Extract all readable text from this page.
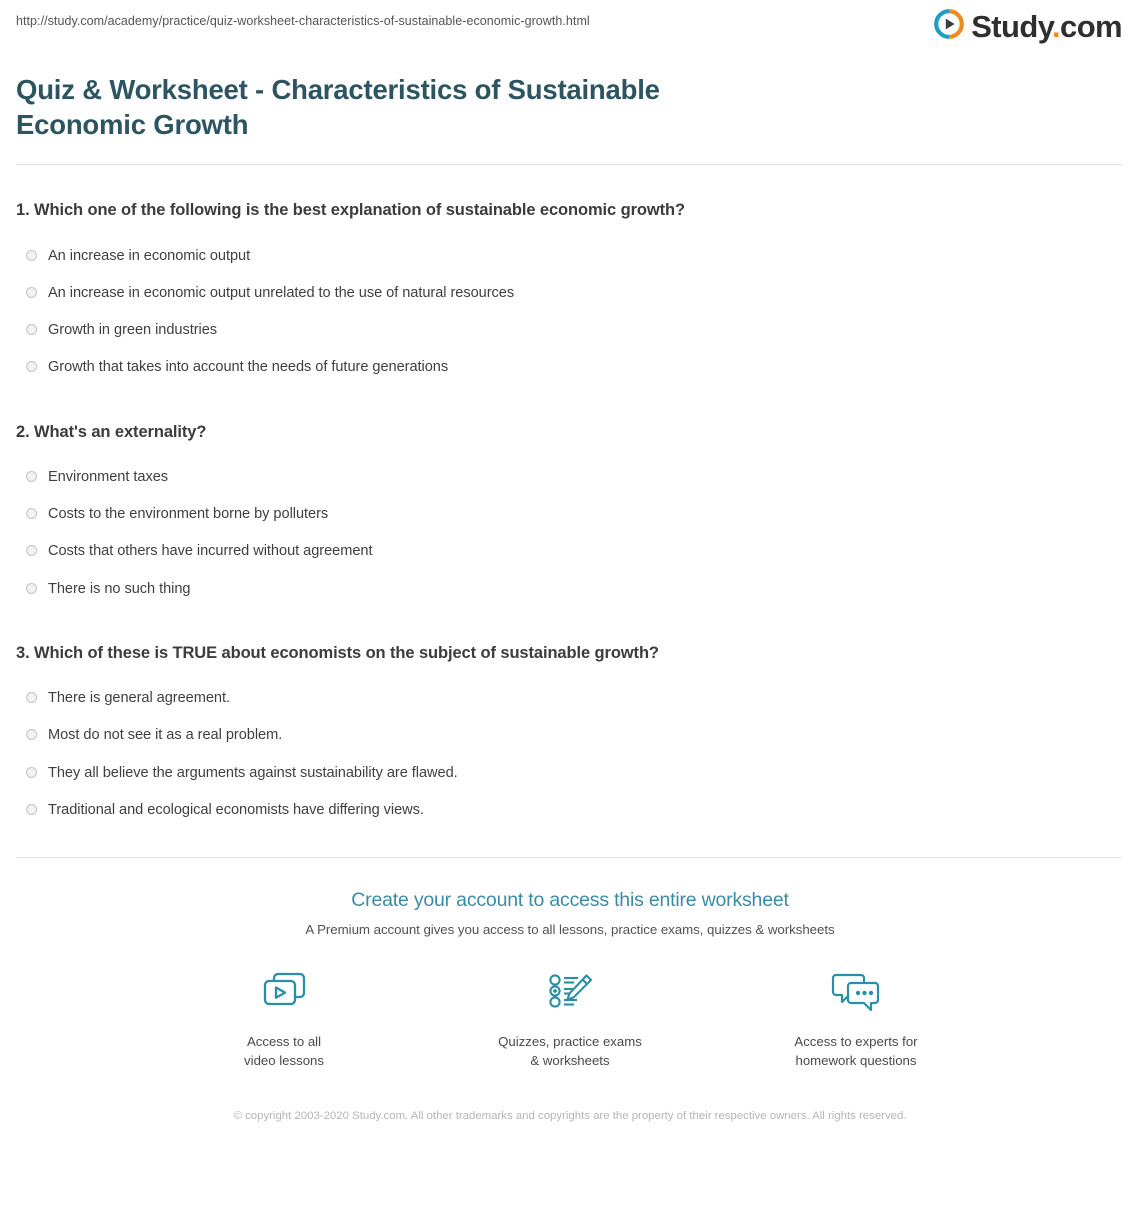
http://study.com/academy/practice/quiz-worksheet-characteristics-of-sustainable-economic-growth.html	Study.com
Quiz & Worksheet - Characteristics of Sustainable Economic Growth
1. Which one of the following is the best explanation of sustainable economic growth?
An increase in economic output
An increase in economic output unrelated to the use of natural resources
Growth in green industries
Growth that takes into account the needs of future generations
2. What's an externality?
Environment taxes
Costs to the environment borne by polluters
Costs that others have incurred without agreement
There is no such thing
3. Which of these is TRUE about economists on the subject of sustainable growth?
There is general agreement.
Most do not see it as a real problem.
They all believe the arguments against sustainability are flawed.
Traditional and ecological economists have differing views.
Create your account to access this entire worksheet
A Premium account gives you access to all lessons, practice exams, quizzes & worksheets
Access to all
video lessons
Quizzes, practice exams
& worksheets
Access to experts for
homework questions
© copyright 2003-2020 Study.com. All other trademarks and copyrights are the property of their respective owners. All rights reserved.
